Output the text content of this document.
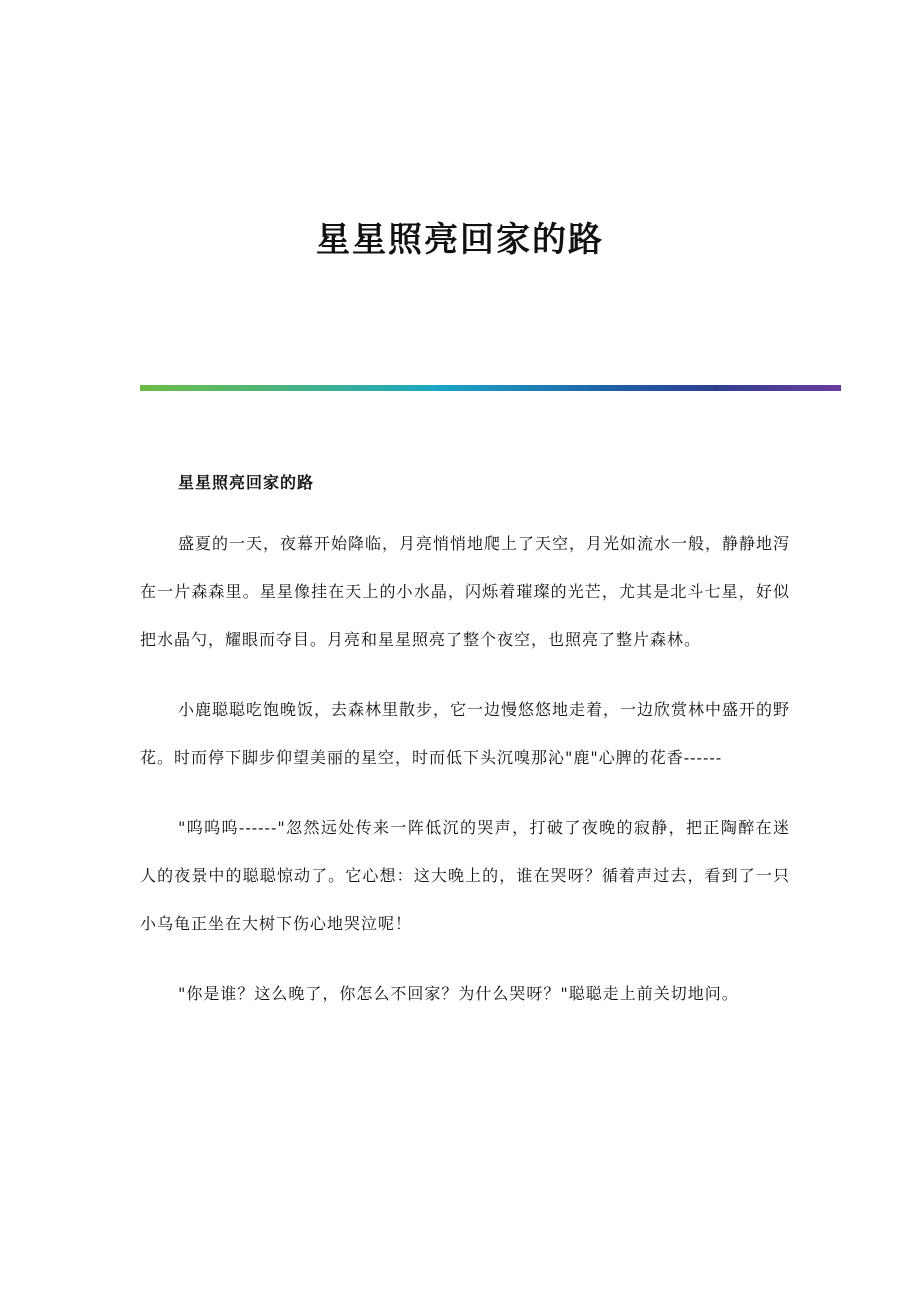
星星照亮回家的路

星星照亮回家的路

盛夏的一天，夜幕开始降临，月亮悄悄地爬上了天空，月光如流水一般，静静地泻在一片森森里。星星像挂在天上的小水晶，闪烁着璀璨的光芒，尤其是北斗七星，好似把水晶勺，耀眼而夺目。月亮和星星照亮了整个夜空，也照亮了整片森林。

小鹿聪聪吃饱晚饭，去森林里散步，它一边慢悠悠地走着，一边欣赏林中盛开的野花。时而停下脚步仰望美丽的星空，时而低下头沉嗅那沁"鹿"心脾的花香------

"呜呜呜------"忽然远处传来一阵低沉的哭声，打破了夜晚的寂静，把正陶醉在迷人的夜景中的聪聪惊动了。它心想：这大晚上的，谁在哭呀？循着声过去，看到了一只小乌龟正坐在大树下伤心地哭泣呢！

"你是谁？这么晚了，你怎么不回家？为什么哭呀？"聪聪走上前关切地问。
